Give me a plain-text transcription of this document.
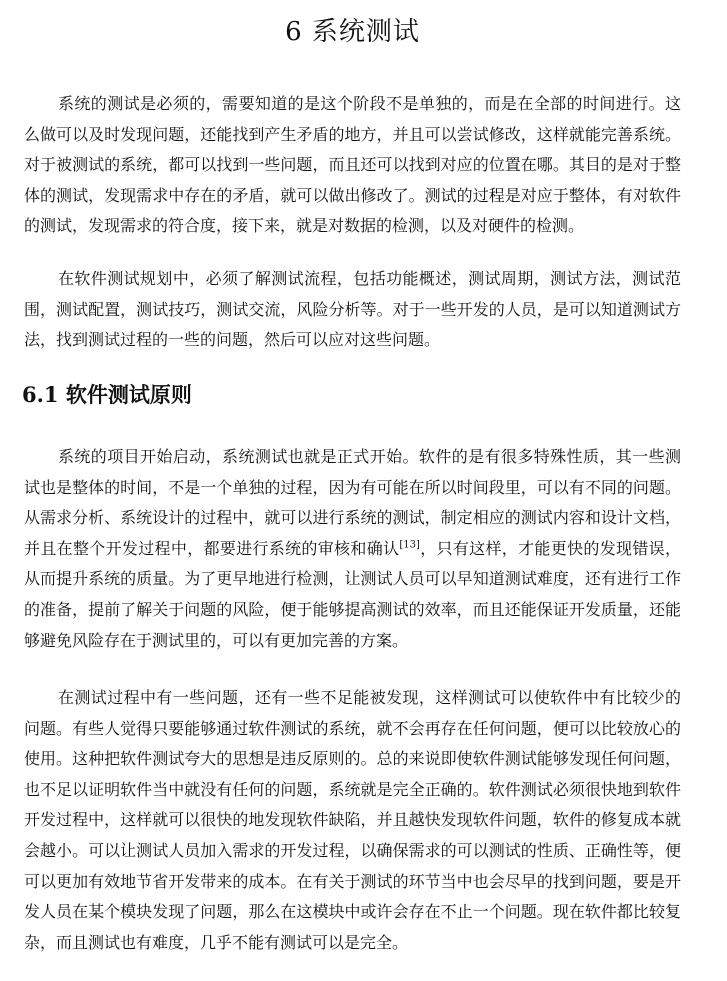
6 系统测试

系统的测试是必须的，需要知道的是这个阶段不是单独的，而是在全部的时间进行。这么做可以及时发现问题，还能找到产生矛盾的地方，并且可以尝试修改，这样就能完善系统。对于被测试的系统，都可以找到一些问题，而且还可以找到对应的位置在哪。其目的是对于整体的测试，发现需求中存在的矛盾，就可以做出修改了。测试的过程是对应于整体，有对软件的测试，发现需求的符合度，接下来，就是对数据的检测，以及对硬件的检测。

在软件测试规划中，必须了解测试流程，包括功能概述，测试周期，测试方法，测试范围，测试配置，测试技巧，测试交流，风险分析等。对于一些开发的人员，是可以知道测试方法，找到测试过程的一些的问题，然后可以应对这些问题。

6.1 软件测试原则

系统的项目开始启动，系统测试也就是正式开始。软件的是有很多特殊性质，其一些测试也是整体的时间，不是一个单独的过程，因为有可能在所以时间段里，可以有不同的问题。从需求分析、系统设计的过程中，就可以进行系统的测试，制定相应的测试内容和设计文档，并且在整个开发过程中，都要进行系统的审核和确认[13]，只有这样，才能更快的发现错误，从而提升系统的质量。为了更早地进行检测，让测试人员可以早知道测试难度，还有进行工作的准备，提前了解关于问题的风险，便于能够提高测试的效率，而且还能保证开发质量，还能够避免风险存在于测试里的，可以有更加完善的方案。

在测试过程中有一些问题，还有一些不足能被发现，这样测试可以使软件中有比较少的问题。有些人觉得只要能够通过软件测试的系统，就不会再存在任何问题，便可以比较放心的使用。这种把软件测试夸大的思想是违反原则的。总的来说即使软件测试能够发现任何问题，也不足以证明软件当中就没有任何的问题，系统就是完全正确的。软件测试必须很快地到软件开发过程中，这样就可以很快的地发现软件缺陷，并且越快发现软件问题，软件的修复成本就会越小。可以让测试人员加入需求的开发过程，以确保需求的可以测试的性质、正确性等，便可以更加有效地节省开发带来的成本。在有关于测试的环节当中也会尽早的找到问题，要是开发人员在某个模块发现了问题，那么在这模块中或许会存在不止一个问题。现在软件都比较复杂，而且测试也有难度，几乎不能有测试可以是完全。
